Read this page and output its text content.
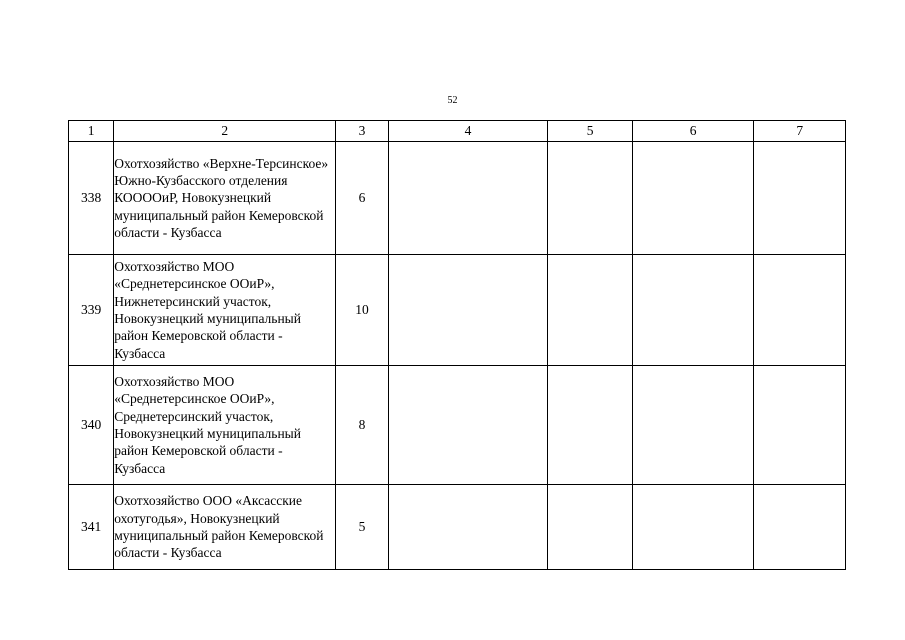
52
1	2	3	4	5	6	7
338	Охотхозяйство «Верхне-Терсинское» Южно-Кузбасского отделения КООООиР, Новокузнецкий муниципальный район Кемеровской области - Кузбасса	6				
339	Охотхозяйство МОО «Среднетерсинское ООиР», Нижнетерсинский участок, Новокузнецкий муниципальный район Кемеровской области - Кузбасса	10				
340	Охотхозяйство МОО «Среднетерсинское ООиР», Среднетерсинский участок, Новокузнецкий муниципальный район Кемеровской области - Кузбасса	8				
341	Охотхозяйство ООО «Аксасские охотугодья», Новокузнецкий муниципальный район Кемеровской области - Кузбасса	5				
